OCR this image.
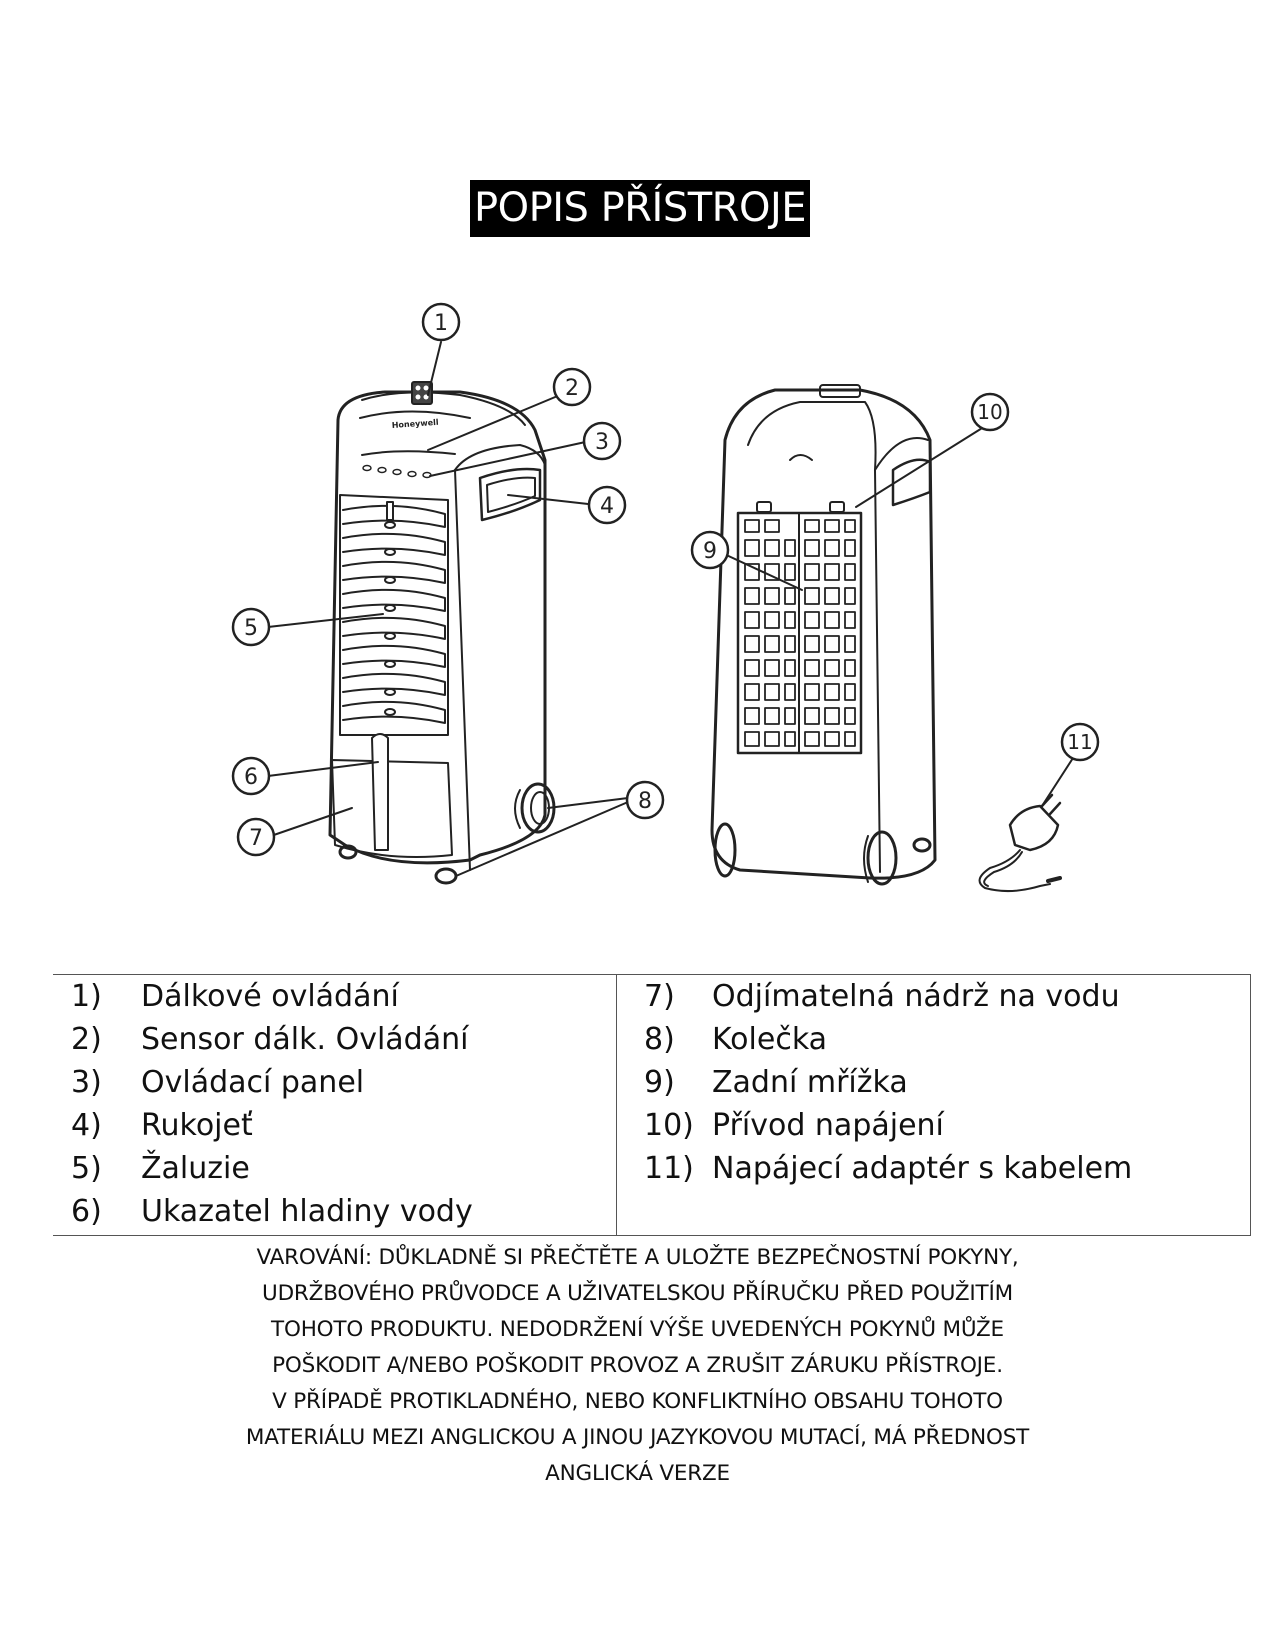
POPIS PŘÍSTROJE
Honeywell
1
2
3
4
5
6
7
8
9
10
11
1) Dálkové ovládání
2) Sensor dálk. Ovládání
3) Ovládací panel
4) Rukojeť
5) Žaluzie
6) Ukazatel hladiny vody
7) Odjímatelná nádrž na vodu
8) Kolečka
9) Zadní mřížka
10) Přívod napájení
11) Napájecí adaptér s kabelem
VAROVÁNÍ: DŮKLADNĚ SI PŘEČTĚTE A ULOŽTE BEZPEČNOSTNÍ POKYNY,
UDRŽBOVÉHO PRŮVODCE A UŽIVATELSKOU PŘÍRUČKU PŘED POUŽITÍM
TOHOTO PRODUKTU. NEDODRŽENÍ VÝŠE UVEDENÝCH POKYNŮ MŮŽE
POŠKODIT A/NEBO POŠKODIT PROVOZ A ZRUŠIT ZÁRUKU PŘÍSTROJE.
V PŘÍPADĚ PROTIKLADNÉHO, NEBO KONFLIKTNÍHO OBSAHU TOHOTO
MATERIÁLU MEZI ANGLICKOU A JINOU JAZYKOVOU MUTACÍ, MÁ PŘEDNOST
ANGLICKÁ VERZE
